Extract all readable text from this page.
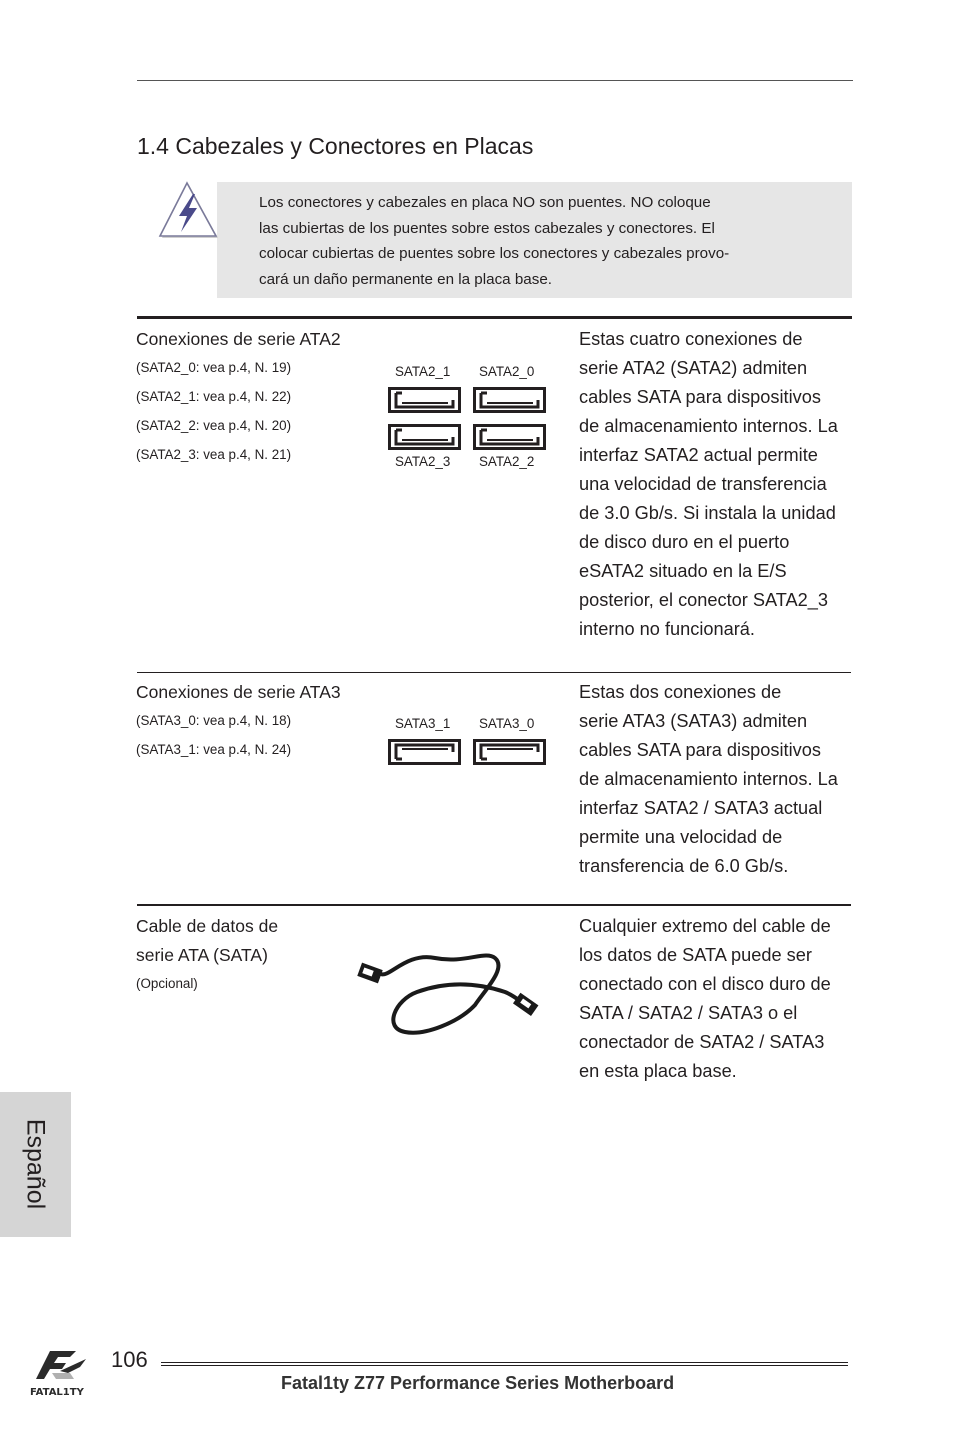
1.4 Cabezales y Conectores en Placas
Los conectores y cabezales en placa NO son puentes. NO coloque
las cubiertas de los puentes sobre estos cabezales y conectores. El
colocar cubiertas de puentes sobre los conectores y cabezales provo-
cará un daño permanente en la placa base.
Conexiones de serie ATA2
(SATA2_0: vea p.4, N. 19)
(SATA2_1: vea p.4, N. 22)
(SATA2_2: vea p.4, N. 20)
(SATA2_3: vea p.4, N. 21)
SATA2_1 SATA2_0
SATA2_3 SATA2_2
Estas cuatro conexiones de
serie ATA2 (SATA2) admiten
cables SATA para dispositivos
de almacenamiento internos. La
interfaz SATA2 actual permite
una velocidad de transferencia
de 3.0 Gb/s. Si instala la unidad
de disco duro en el puerto
eSATA2 situado en la E/S
posterior, el conector SATA2_3
interno no funcionará.
Conexiones de serie ATA3
(SATA3_0: vea p.4, N. 18)
(SATA3_1: vea p.4, N. 24)
SATA3_1 SATA3_0
Estas dos conexiones de
serie ATA3 (SATA3) admiten
cables SATA para dispositivos
de almacenamiento internos. La
interfaz SATA2 / SATA3 actual
permite una velocidad de
transferencia de 6.0 Gb/s.
Cable de datos de
serie ATA (SATA)
(Opcional)
Cualquier extremo del cable de
los datos de SATA puede ser
conectado con el disco duro de
SATA / SATA2 / SATA3 o el
conectador de SATA2 / SATA3
en esta placa base.
Español
FATAL1TY
106
Fatal1ty Z77 Performance Series Motherboard
